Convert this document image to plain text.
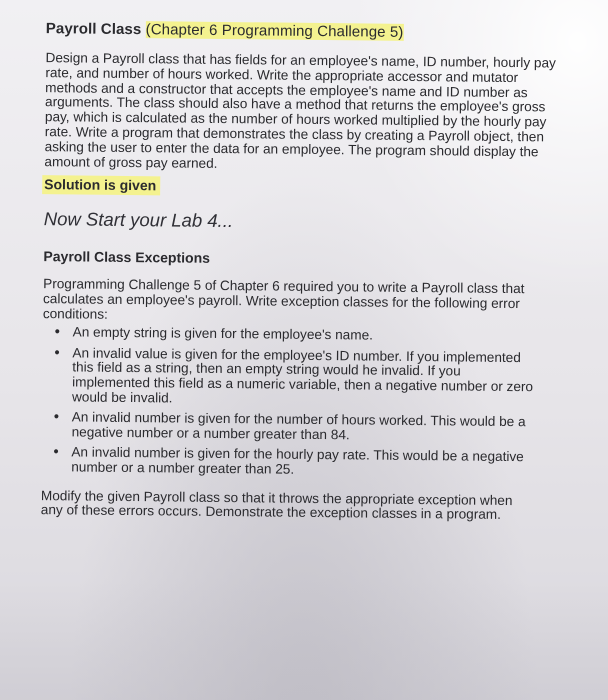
Payroll Class (Chapter 6 Programming Challenge 5)

Design a Payroll class that has fields for an employee's name, ID number, hourly pay rate, and number of hours worked. Write the appropriate accessor and mutator methods and a constructor that accepts the employee's name and ID number as arguments. The class should also have a method that returns the employee's gross pay, which is calculated as the number of hours worked multiplied by the hourly pay rate. Write a program that demonstrates the class by creating a Payroll object, then asking the user to enter the data for an employee. The program should display the amount of gross pay earned.

Solution is given
Now Start your Lab 4...
Payroll Class Exceptions

Programming Challenge 5 of Chapter 6 required you to write a Payroll class that calculates an employee's payroll. Write exception classes for the following error conditions:

• An empty string is given for the employee's name.
• An invalid value is given for the employee's ID number. If you implemented this field as a string, then an empty string would he invalid. If you implemented this field as a numeric variable, then a negative number or zero would be invalid.
• An invalid number is given for the number of hours worked. This would be a negative number or a number greater than 84.
• An invalid number is given for the hourly pay rate. This would be a negative number or a number greater than 25.

Modify the given Payroll class so that it throws the appropriate exception when any of these errors occurs. Demonstrate the exception classes in a program.
